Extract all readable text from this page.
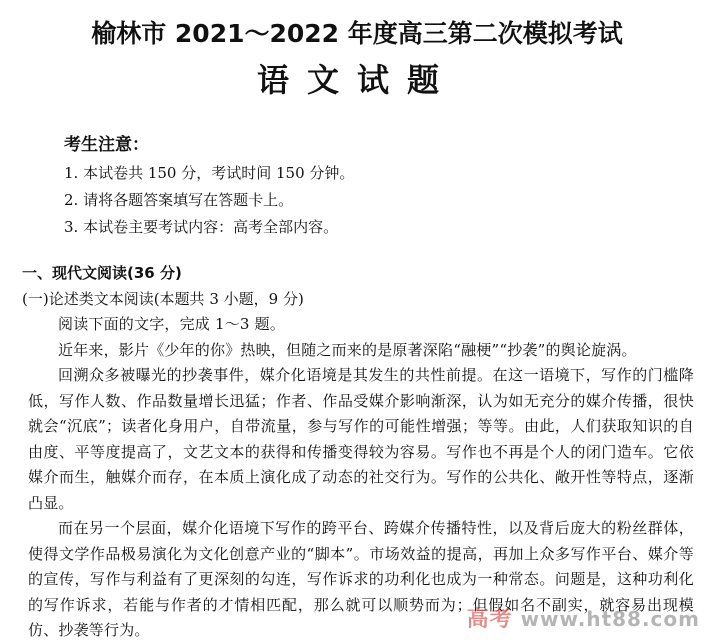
榆林市 2021～2022 年度高三第二次模拟考试
语文试题
考生注意：
1. 本试卷共 150 分，考试时间 150 分钟。
2. 请将各题答案填写在答题卡上。
3. 本试卷主要考试内容：高考全部内容。
一、现代文阅读(36 分)
(一)论述类文本阅读(本题共 3 小题，9 分)

阅读下面的文字，完成 1～3 题。

近年来，影片《少年的你》热映，但随之而来的是原著深陷“融梗”“抄袭”的舆论旋涡。

回溯众多被曝光的抄袭事件，媒介化语境是其发生的共性前提。在这一语境下，写作的门槛降低，写作人数、作品数量增长迅猛；作者、作品受媒介影响渐深，认为如无充分的媒介传播，很快就会“沉底”；读者化身用户，自带流量，参与写作的可能性增强；等等。由此，人们获取知识的自由度、平等度提高了，文艺文本的获得和传播变得较为容易。写作也不再是个人的闭门造车。它依媒介而生，触媒介而存，在本质上演化成了动态的社交行为。写作的公共化、敞开性等特点，逐渐凸显。

而在另一个层面，媒介化语境下写作的跨平台、跨媒介传播特性，以及背后庞大的粉丝群体，使得文学作品极易演化为文化创意产业的“脚本”。市场效益的提高，再加上众多写作平台、媒介等的宣传，写作与利益有了更深刻的勾连，写作诉求的功利化也成为一种常态。问题是，这种功利化的写作诉求，若能与作者的才情相匹配，那么就可以顺势而为；但假如名不副实，就容易出现模仿、抄袭等行为。	高考 www.ht88.com
